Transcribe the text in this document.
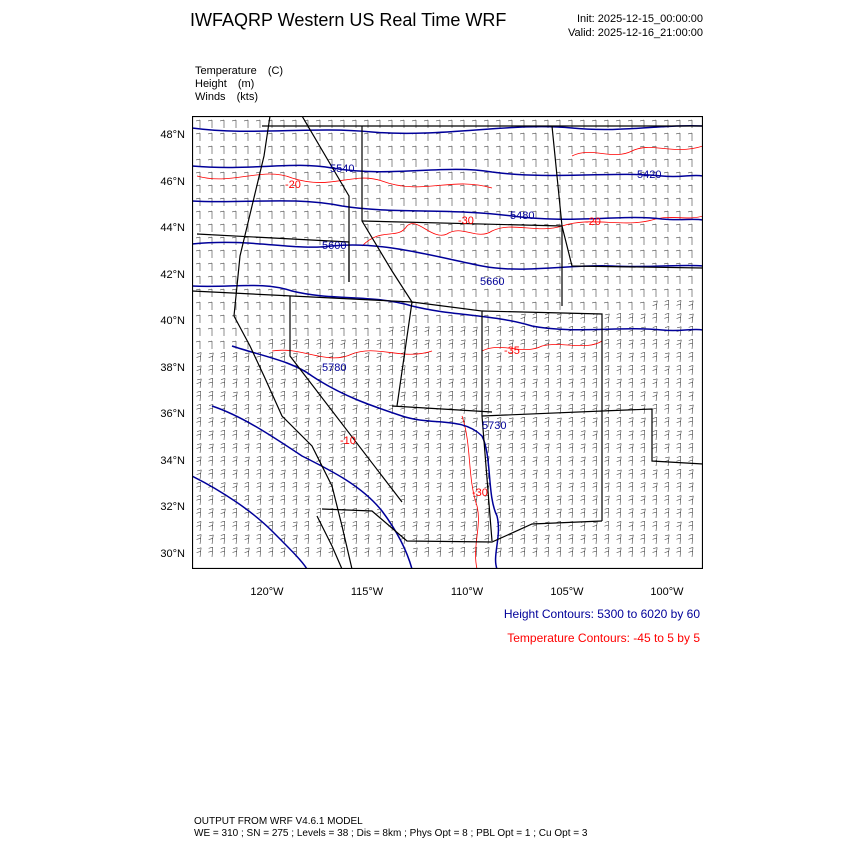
IWFAQRP Western US Real Time WRF	Init: 2025-12-15_00:00:00
Valid: 2025-12-16_21:00:00
Temperature (C)
Height (m)
Winds (kts)
48°N
46°N
44°N
42°N
40°N
38°N
36°N
34°N
32°N
30°N
120°W	115°W	110°W	105°W	100°W
5540	5420
5600
5480
5660
5780
5730
-20
-30	-20
-35
-10
-30
Height Contours: 5300 to 6020 by 60
Temperature Contours: -45 to 5 by 5
OUTPUT FROM WRF V4.6.1 MODEL
WE = 310 ; SN = 275 ; Levels = 38 ; Dis = 8km ; Phys Opt = 8 ; PBL Opt = 1 ; Cu Opt = 3
